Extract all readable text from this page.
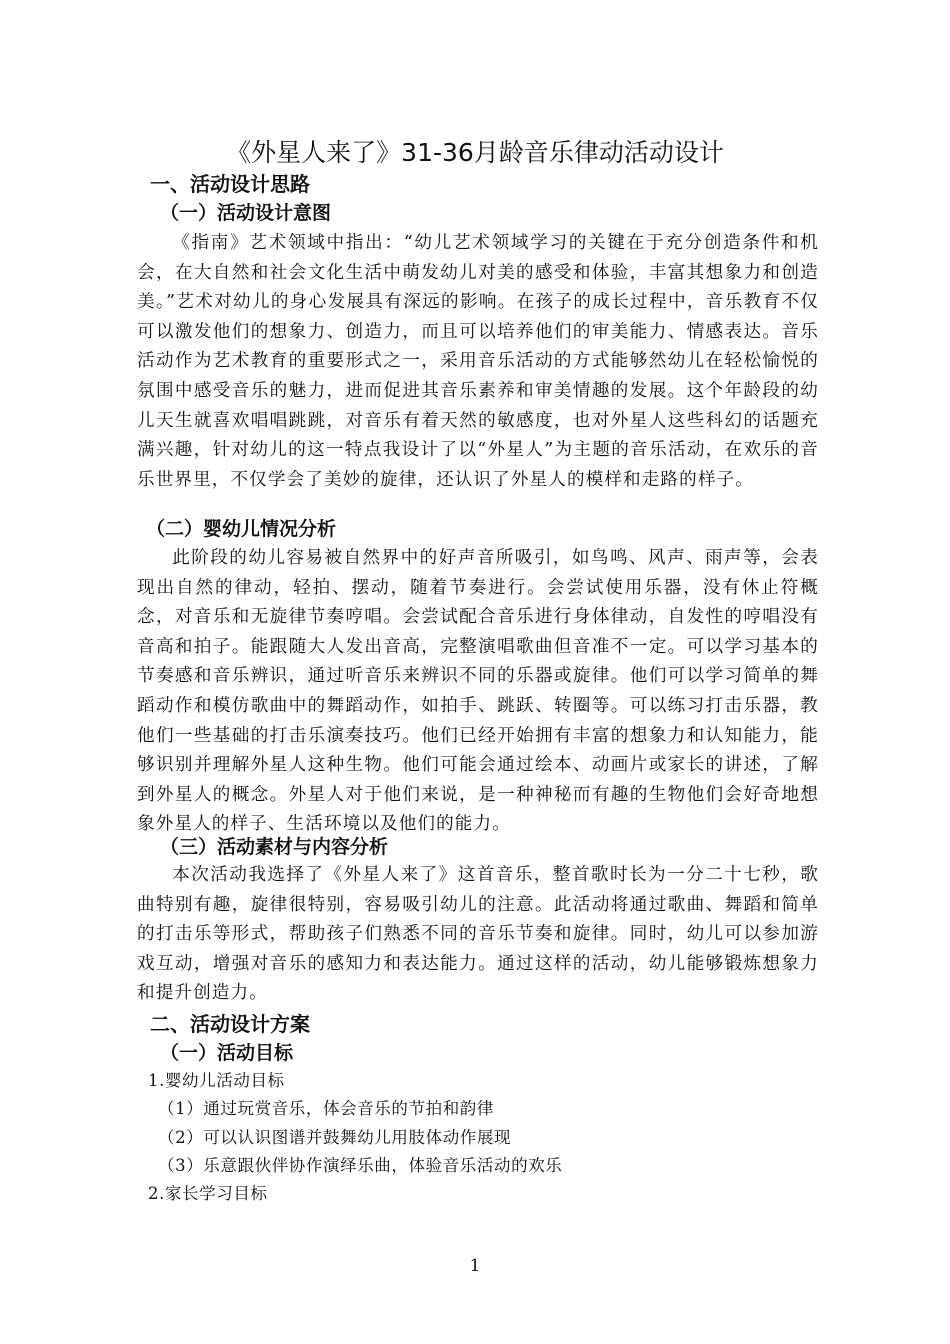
《外星人来了》31-36月龄音乐律动活动设计
一、活动设计思路
（一）活动设计意图
《指南》艺术领域中指出：“幼儿艺术领域学习的关键在于充分创造条件和机会，在大自然和社会文化生活中萌发幼儿对美的感受和体验，丰富其想象力和创造美。”艺术对幼儿的身心发展具有深远的影响。在孩子的成长过程中，音乐教育不仅可以激发他们的想象力、创造力，而且可以培养他们的审美能力、情感表达。音乐活动作为艺术教育的重要形式之一，采用音乐活动的方式能够然幼儿在轻松愉悦的氛围中感受音乐的魅力，进而促进其音乐素养和审美情趣的发展。这个年龄段的幼儿天生就喜欢唱唱跳跳，对音乐有着天然的敏感度，也对外星人这些科幻的话题充满兴趣，针对幼儿的这一特点我设计了以“外星人”为主题的音乐活动，在欢乐的音乐世界里，不仅学会了美妙的旋律，还认识了外星人的模样和走路的样子。
（二）婴幼儿情况分析
此阶段的幼儿容易被自然界中的好声音所吸引，如鸟鸣、风声、雨声等，会表现出自然的律动，轻拍、摆动，随着节奏进行。会尝试使用乐器，没有休止符概念，对音乐和无旋律节奏哼唱。会尝试配合音乐进行身体律动，自发性的哼唱没有音高和拍子。能跟随大人发出音高，完整演唱歌曲但音准不一定。可以学习基本的节奏感和音乐辨识，通过听音乐来辨识不同的乐器或旋律。他们可以学习简单的舞蹈动作和模仿歌曲中的舞蹈动作，如拍手、跳跃、转圈等。可以练习打击乐器，教他们一些基础的打击乐演奏技巧。他们已经开始拥有丰富的想象力和认知能力，能够识别并理解外星人这种生物。他们可能会通过绘本、动画片或家长的讲述，了解到外星人的概念。外星人对于他们来说，是一种神秘而有趣的生物他们会好奇地想象外星人的样子、生活环境以及他们的能力。
（三）活动素材与内容分析
本次活动我选择了《外星人来了》这首音乐，整首歌时长为一分二十七秒，歌曲特别有趣，旋律很特别，容易吸引幼儿的注意。此活动将通过歌曲、舞蹈和简单的打击乐等形式，帮助孩子们熟悉不同的音乐节奏和旋律。同时，幼儿可以参加游戏互动，增强对音乐的感知力和表达能力。通过这样的活动，幼儿能够锻炼想象力和提升创造力。
二、活动设计方案
（一）活动目标
1.婴幼儿活动目标
（1）通过玩赏音乐，体会音乐的节拍和韵律
（2）可以认识图谱并鼓舞幼儿用肢体动作展现
（3）乐意跟伙伴协作演绎乐曲，体验音乐活动的欢乐
2.家长学习目标
1
